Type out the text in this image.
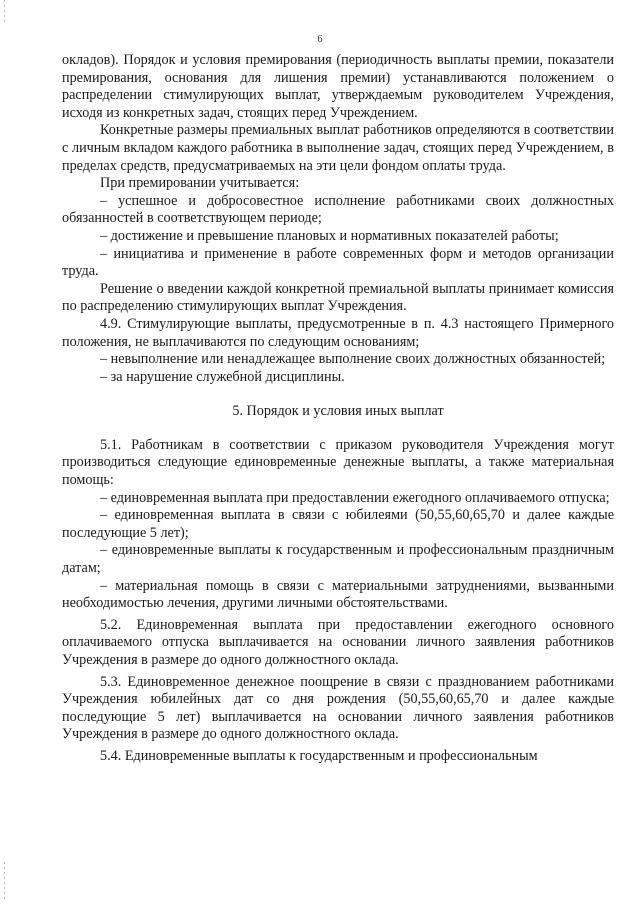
6

окладов). Порядок и условия премирования (периодичность выплаты премии, показатели премирования, основания для лишения премии) устанавливаются положением о распределении стимулирующих выплат, утверждаемым руководителем Учреждения, исходя из конкретных задач, стоящих перед Учреждением.

Конкретные размеры премиальных выплат работников определяются в соответствии с личным вкладом каждого работника в выполнение задач, стоящих перед Учреждением, в пределах средств, предусматриваемых на эти цели фондом оплаты труда.

При премировании учитывается:

– успешное и добросовестное исполнение работниками своих должностных обязанностей в соответствующем периоде;

– достижение и превышение плановых и нормативных показателей работы;

– инициатива и применение в работе современных форм и методов организации труда.

Решение о введении каждой конкретной премиальной выплаты принимает комиссия по распределению стимулирующих выплат Учреждения.

4.9. Стимулирующие выплаты, предусмотренные в п. 4.3 настоящего Примерного положения, не выплачиваются по следующим основаниям;

– невыполнение или ненадлежащее выполнение своих должностных обязанностей;

– за нарушение служебной дисциплины.

5. Порядок и условия иных выплат

5.1. Работникам в соответствии с приказом руководителя Учреждения могут производиться следующие единовременные денежные выплаты, а также материальная помощь:

– единовременная выплата при предоставлении ежегодного оплачиваемого отпуска;

– единовременная выплата в связи с юбилеями (50,55,60,65,70 и далее каждые последующие 5 лет);

– единовременные выплаты к государственным и профессиональным праздничным датам;

– материальная помощь в связи с материальными затруднениями, вызванными необходимостью лечения, другими личными обстоятельствами.

5.2. Единовременная выплата при предоставлении ежегодного основного оплачиваемого отпуска выплачивается на основании личного заявления работников Учреждения в размере до одного должностного оклада.

5.3. Единовременное денежное поощрение в связи с празднованием работниками Учреждения юбилейных дат со дня рождения (50,55,60,65,70 и далее каждые последующие 5 лет) выплачивается на основании личного заявления работников Учреждения в размере до одного должностного оклада.

5.4. Единовременные выплаты к государственным и профессиональным
